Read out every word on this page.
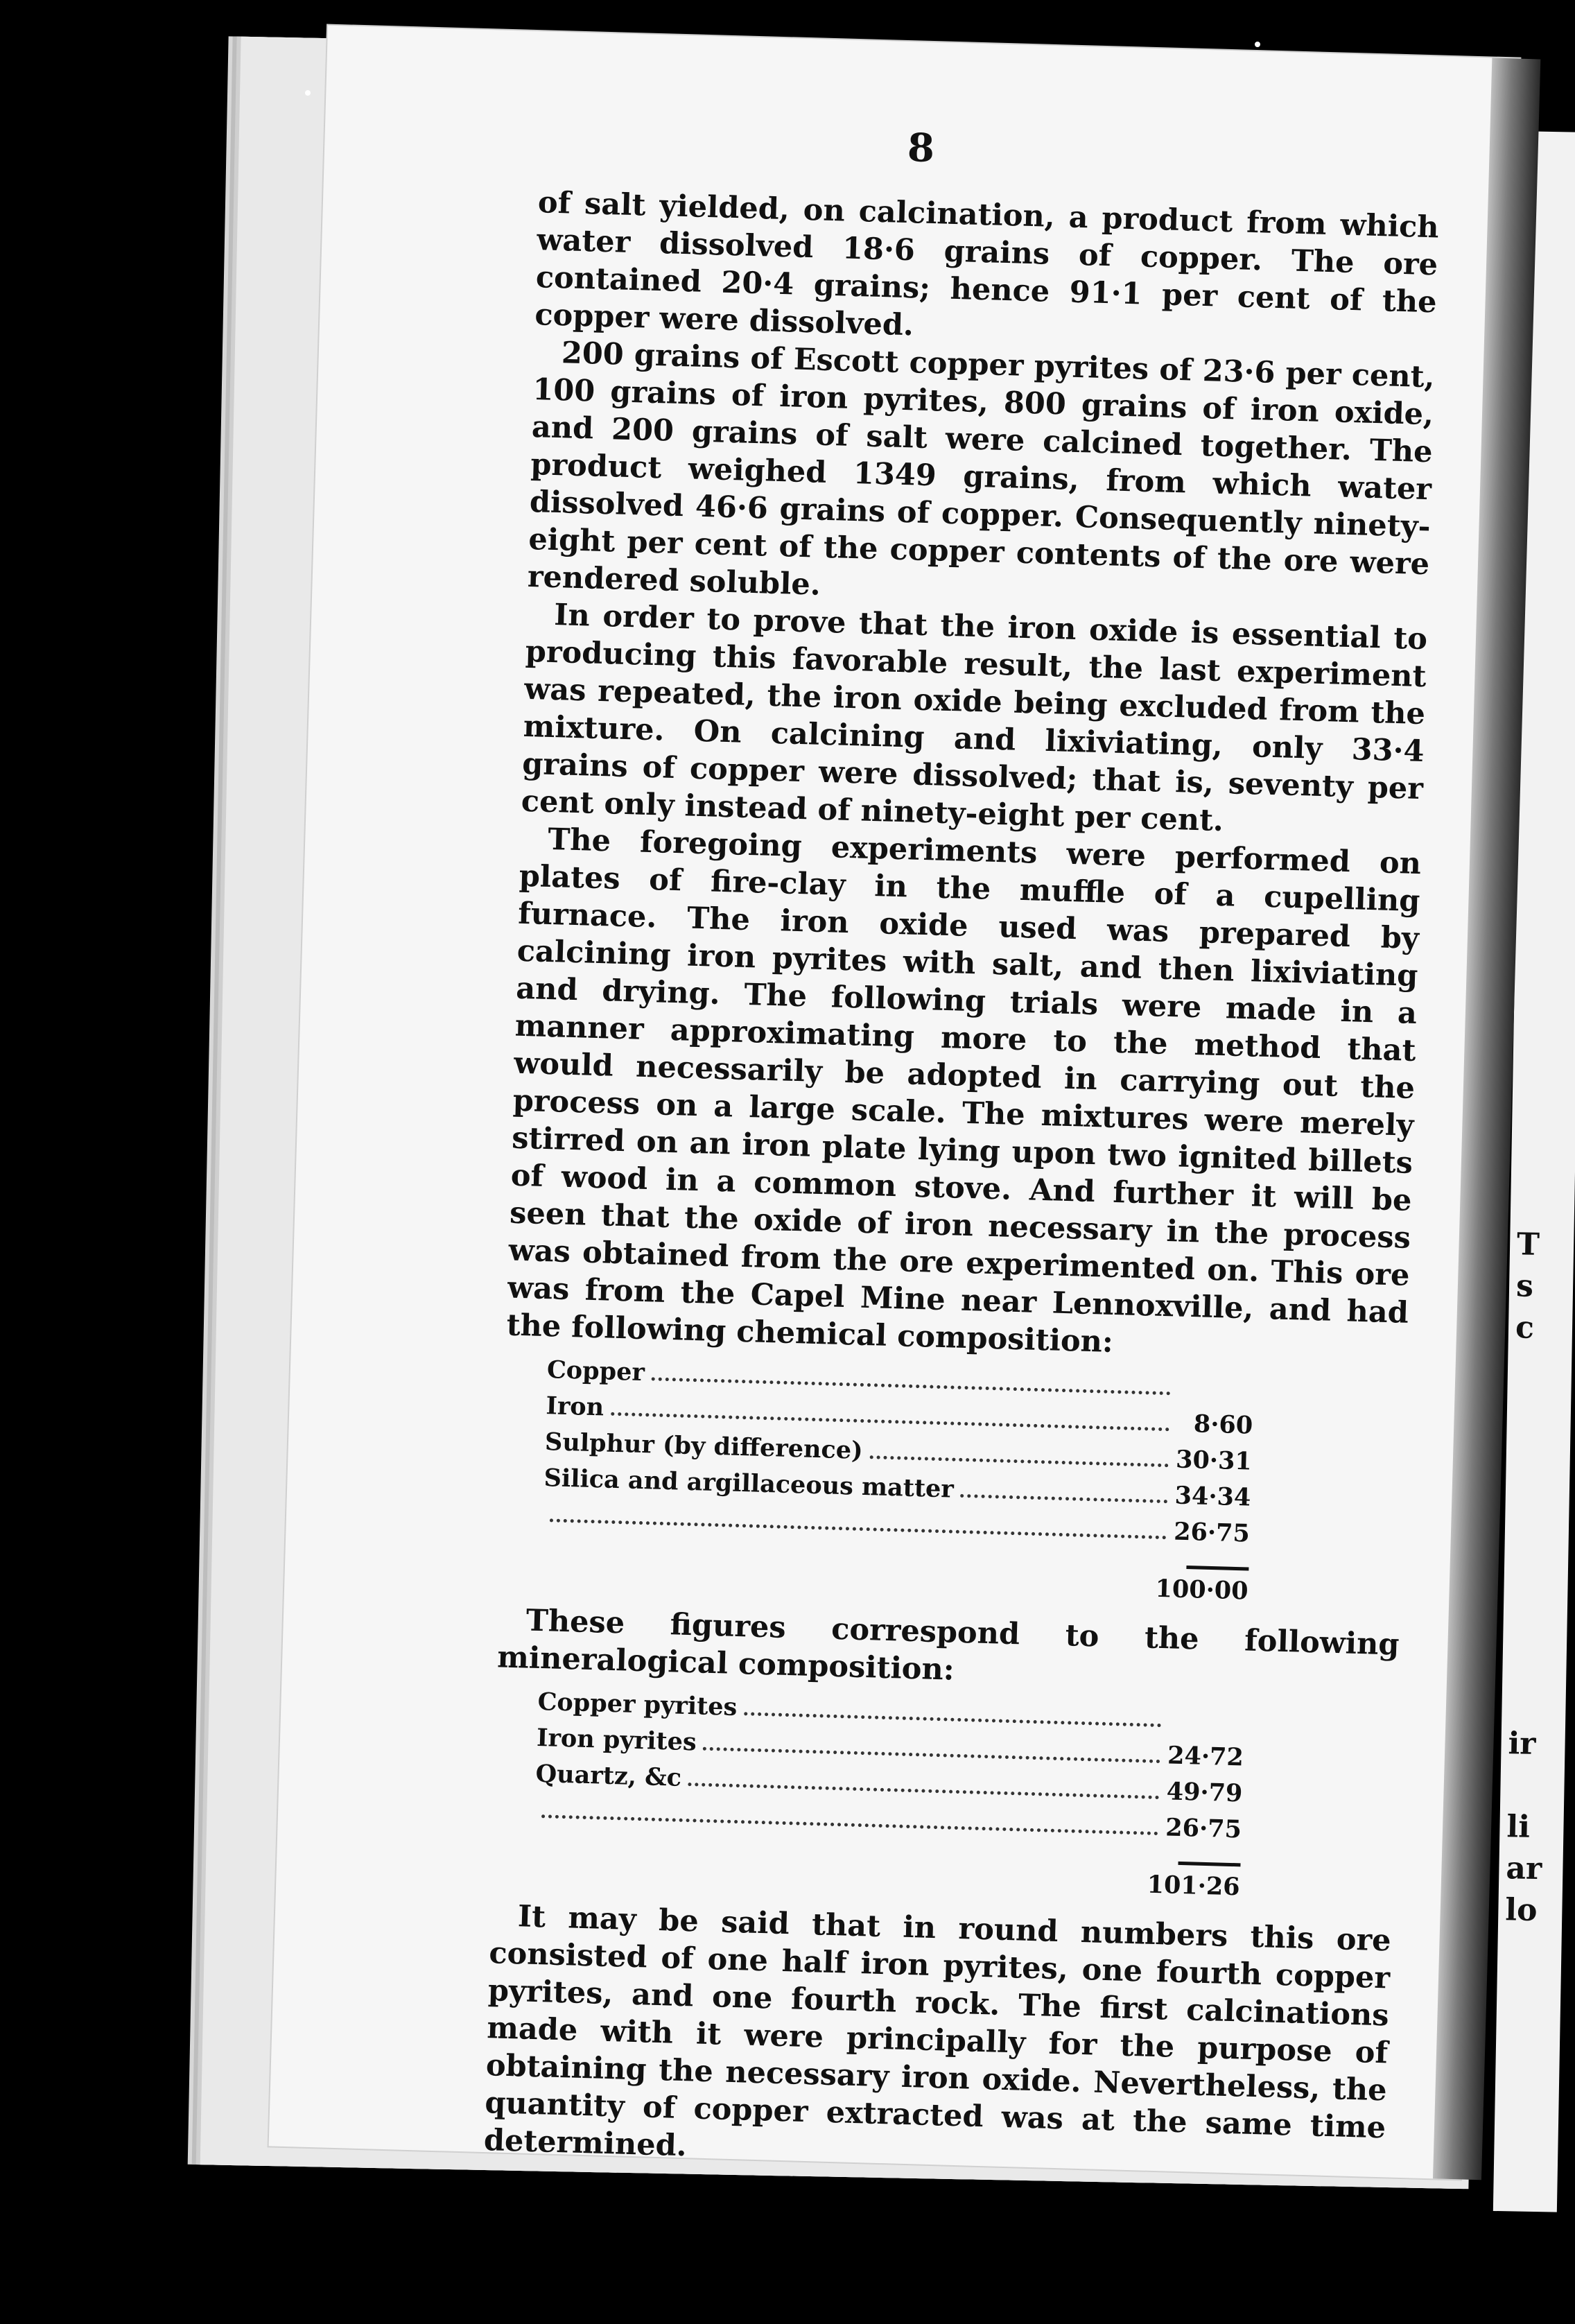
T
s
c
ir
li
ar
lo
8

of salt yielded, on calcination, a product from which water dissolved 18·6 grains of copper. The ore contained 20·4 grains; hence 91·1 per cent of the copper were dissolved.

200 grains of Escott copper pyrites of 23·6 per cent, 100 grains of iron pyrites, 800 grains of iron oxide, and 200 grains of salt were calcined together. The product weighed 1349 grains, from which water dissolved 46·6 grains of copper. Consequently ninety-eight per cent of the copper contents of the ore were rendered soluble.

In order to prove that the iron oxide is essential to producing this favorable result, the last experiment was repeated, the iron oxide being excluded from the mixture. On calcining and lixiviating, only 33·4 grains of copper were dissolved; that is, seventy per cent only instead of ninety-eight per cent.

The foregoing experiments were performed on plates of fire-clay in the muffle of a cupelling furnace. The iron oxide used was prepared by calcining iron pyrites with salt, and then lixiviating and drying. The following trials were made in a manner approximating more to the method that would necessarily be adopted in carrying out the process on a large scale. The mixtures were merely stirred on an iron plate lying upon two ignited billets of wood in a common stove. And further it will be seen that the oxide of iron necessary in the process was obtained from the ore experimented on. This ore was from the Capel Mine near Lennoxville, and had the following chemical composition:

Copper
Iron
8·60
Sulphur (by difference)	30·31
Silica and argillaceous matter	34·34
26·75
100·00

These figures correspond to the following mineralogical composition:

Copper pyrites
Iron pyrites
24·72
Quartz, &c
49·79
26·75
101·26

It may be said that in round numbers this ore consisted of one half iron pyrites, one fourth copper pyrites, and one fourth rock. The first calcinations made with it were principally for the purpose of obtaining the necessary iron oxide. Nevertheless, the quantity of copper extracted was at the same time determined.
